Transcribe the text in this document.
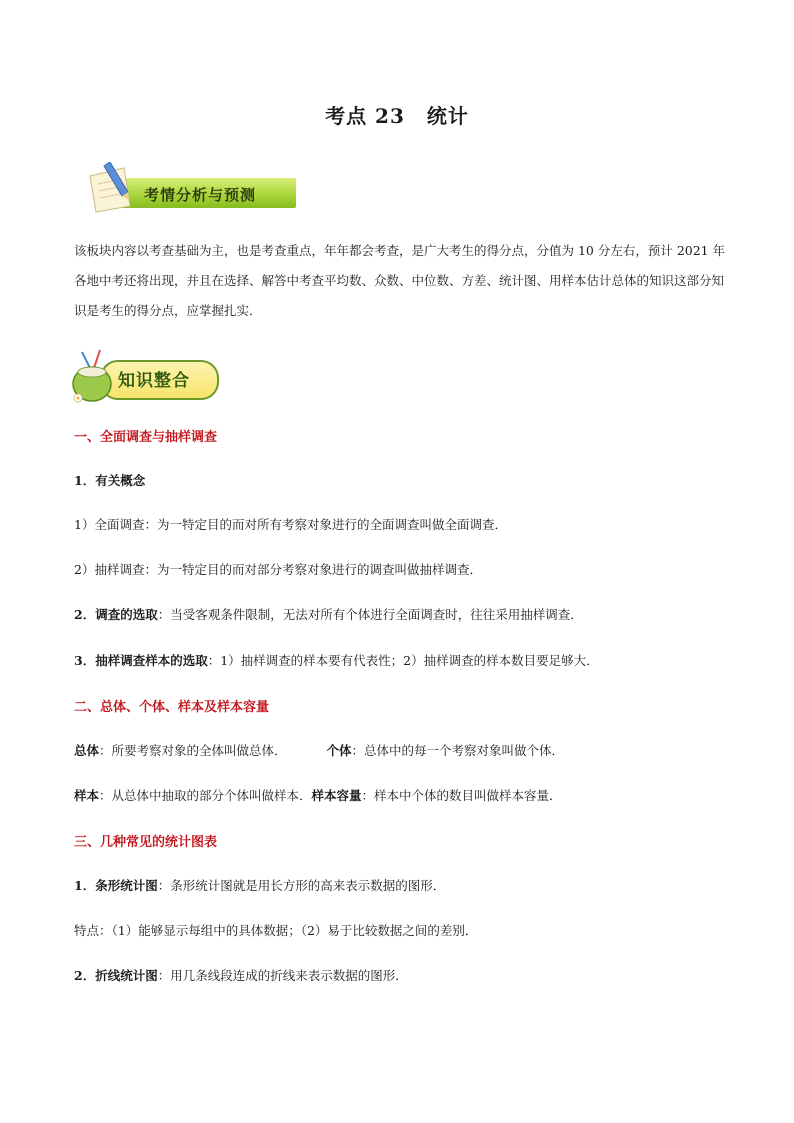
考点 23 统计
考情分析与预测
该板块内容以考查基础为主，也是考查重点，年年都会考查，是广大考生的得分点，分值为 10 分左右，预计 2021 年各地中考还将出现，并且在选择、解答中考查平均数、众数、中位数、方差、统计图、用样本估计总体的知识这部分知识是考生的得分点，应掌握扎实．
知识整合
一、全面调查与抽样调查
1．有关概念
1）全面调查：为一特定目的而对所有考察对象进行的全面调查叫做全面调查．
2）抽样调查：为一特定目的而对部分考察对象进行的调查叫做抽样调查．
2．调查的选取：当受客观条件限制，无法对所有个体进行全面调查时，往往采用抽样调查．
3．抽样调查样本的选取：1）抽样调查的样本要有代表性；2）抽样调查的样本数目要足够大．
二、总体、个体、样本及样本容量
总体：所要考察对象的全体叫做总体．	个体：总体中的每一个考察对象叫做个体．
样本：从总体中抽取的部分个体叫做样本．样本容量：样本中个体的数目叫做样本容量．
三、几种常见的统计图表
1．条形统计图：条形统计图就是用长方形的高来表示数据的图形．
特点：（1）能够显示每组中的具体数据；（2）易于比较数据之间的差别．
2．折线统计图：用几条线段连成的折线来表示数据的图形．
